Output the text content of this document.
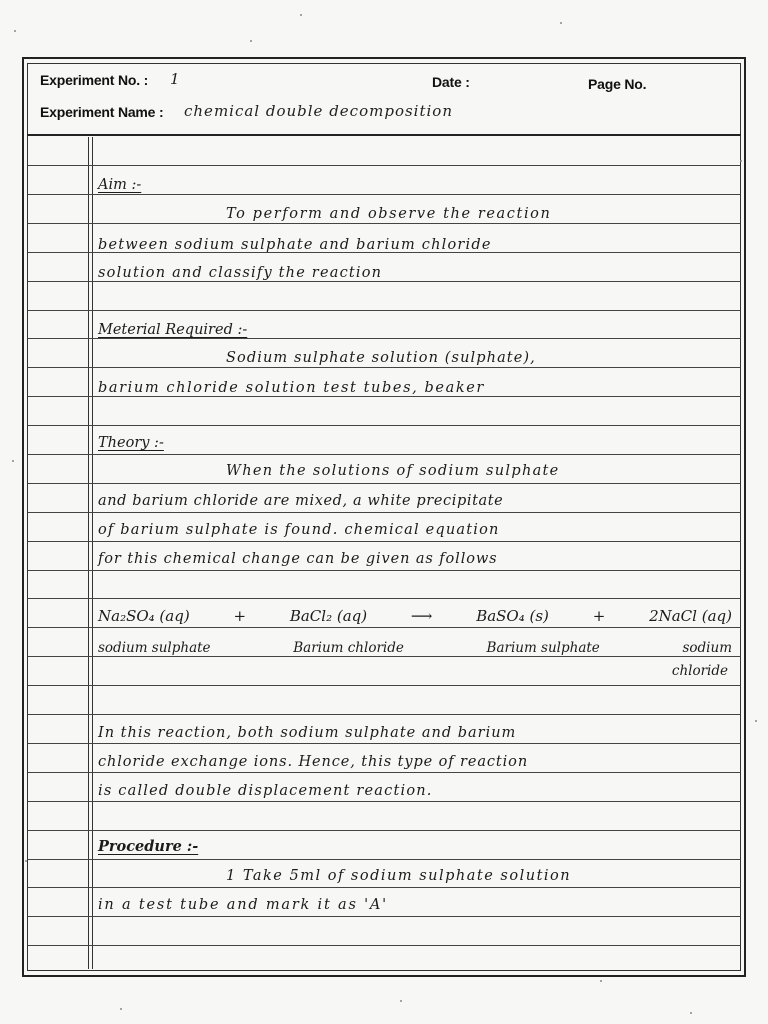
Experiment No. : 1	Date :	Page No.
Experiment Name : chemical double decomposition
Aim :-
To perform and observe the reaction
between sodium sulphate and barium chloride
solution and classify the reaction
Meterial Required :-
Sodium sulphate solution (sulphate),
barium chloride solution test tubes, beaker
Theory :-
When the solutions of sodium sulphate
and barium chloride are mixed, a white precipitate
of barium sulphate is found. chemical equation
for this chemical change can be given as follows
Na₂SO₄ (aq)	+	BaCl₂ (aq)	⟶	BaSO₄ (s)	+	2NaCl (aq)
sodium sulphate	Barium chloride	Barium sulphate	sodium
chloride
In this reaction, both sodium sulphate and barium
chloride exchange ions. Hence, this type of reaction
is called double displacement reaction.
Procedure :-
1 Take 5ml of sodium sulphate solution
in a test tube and mark it as 'A'
